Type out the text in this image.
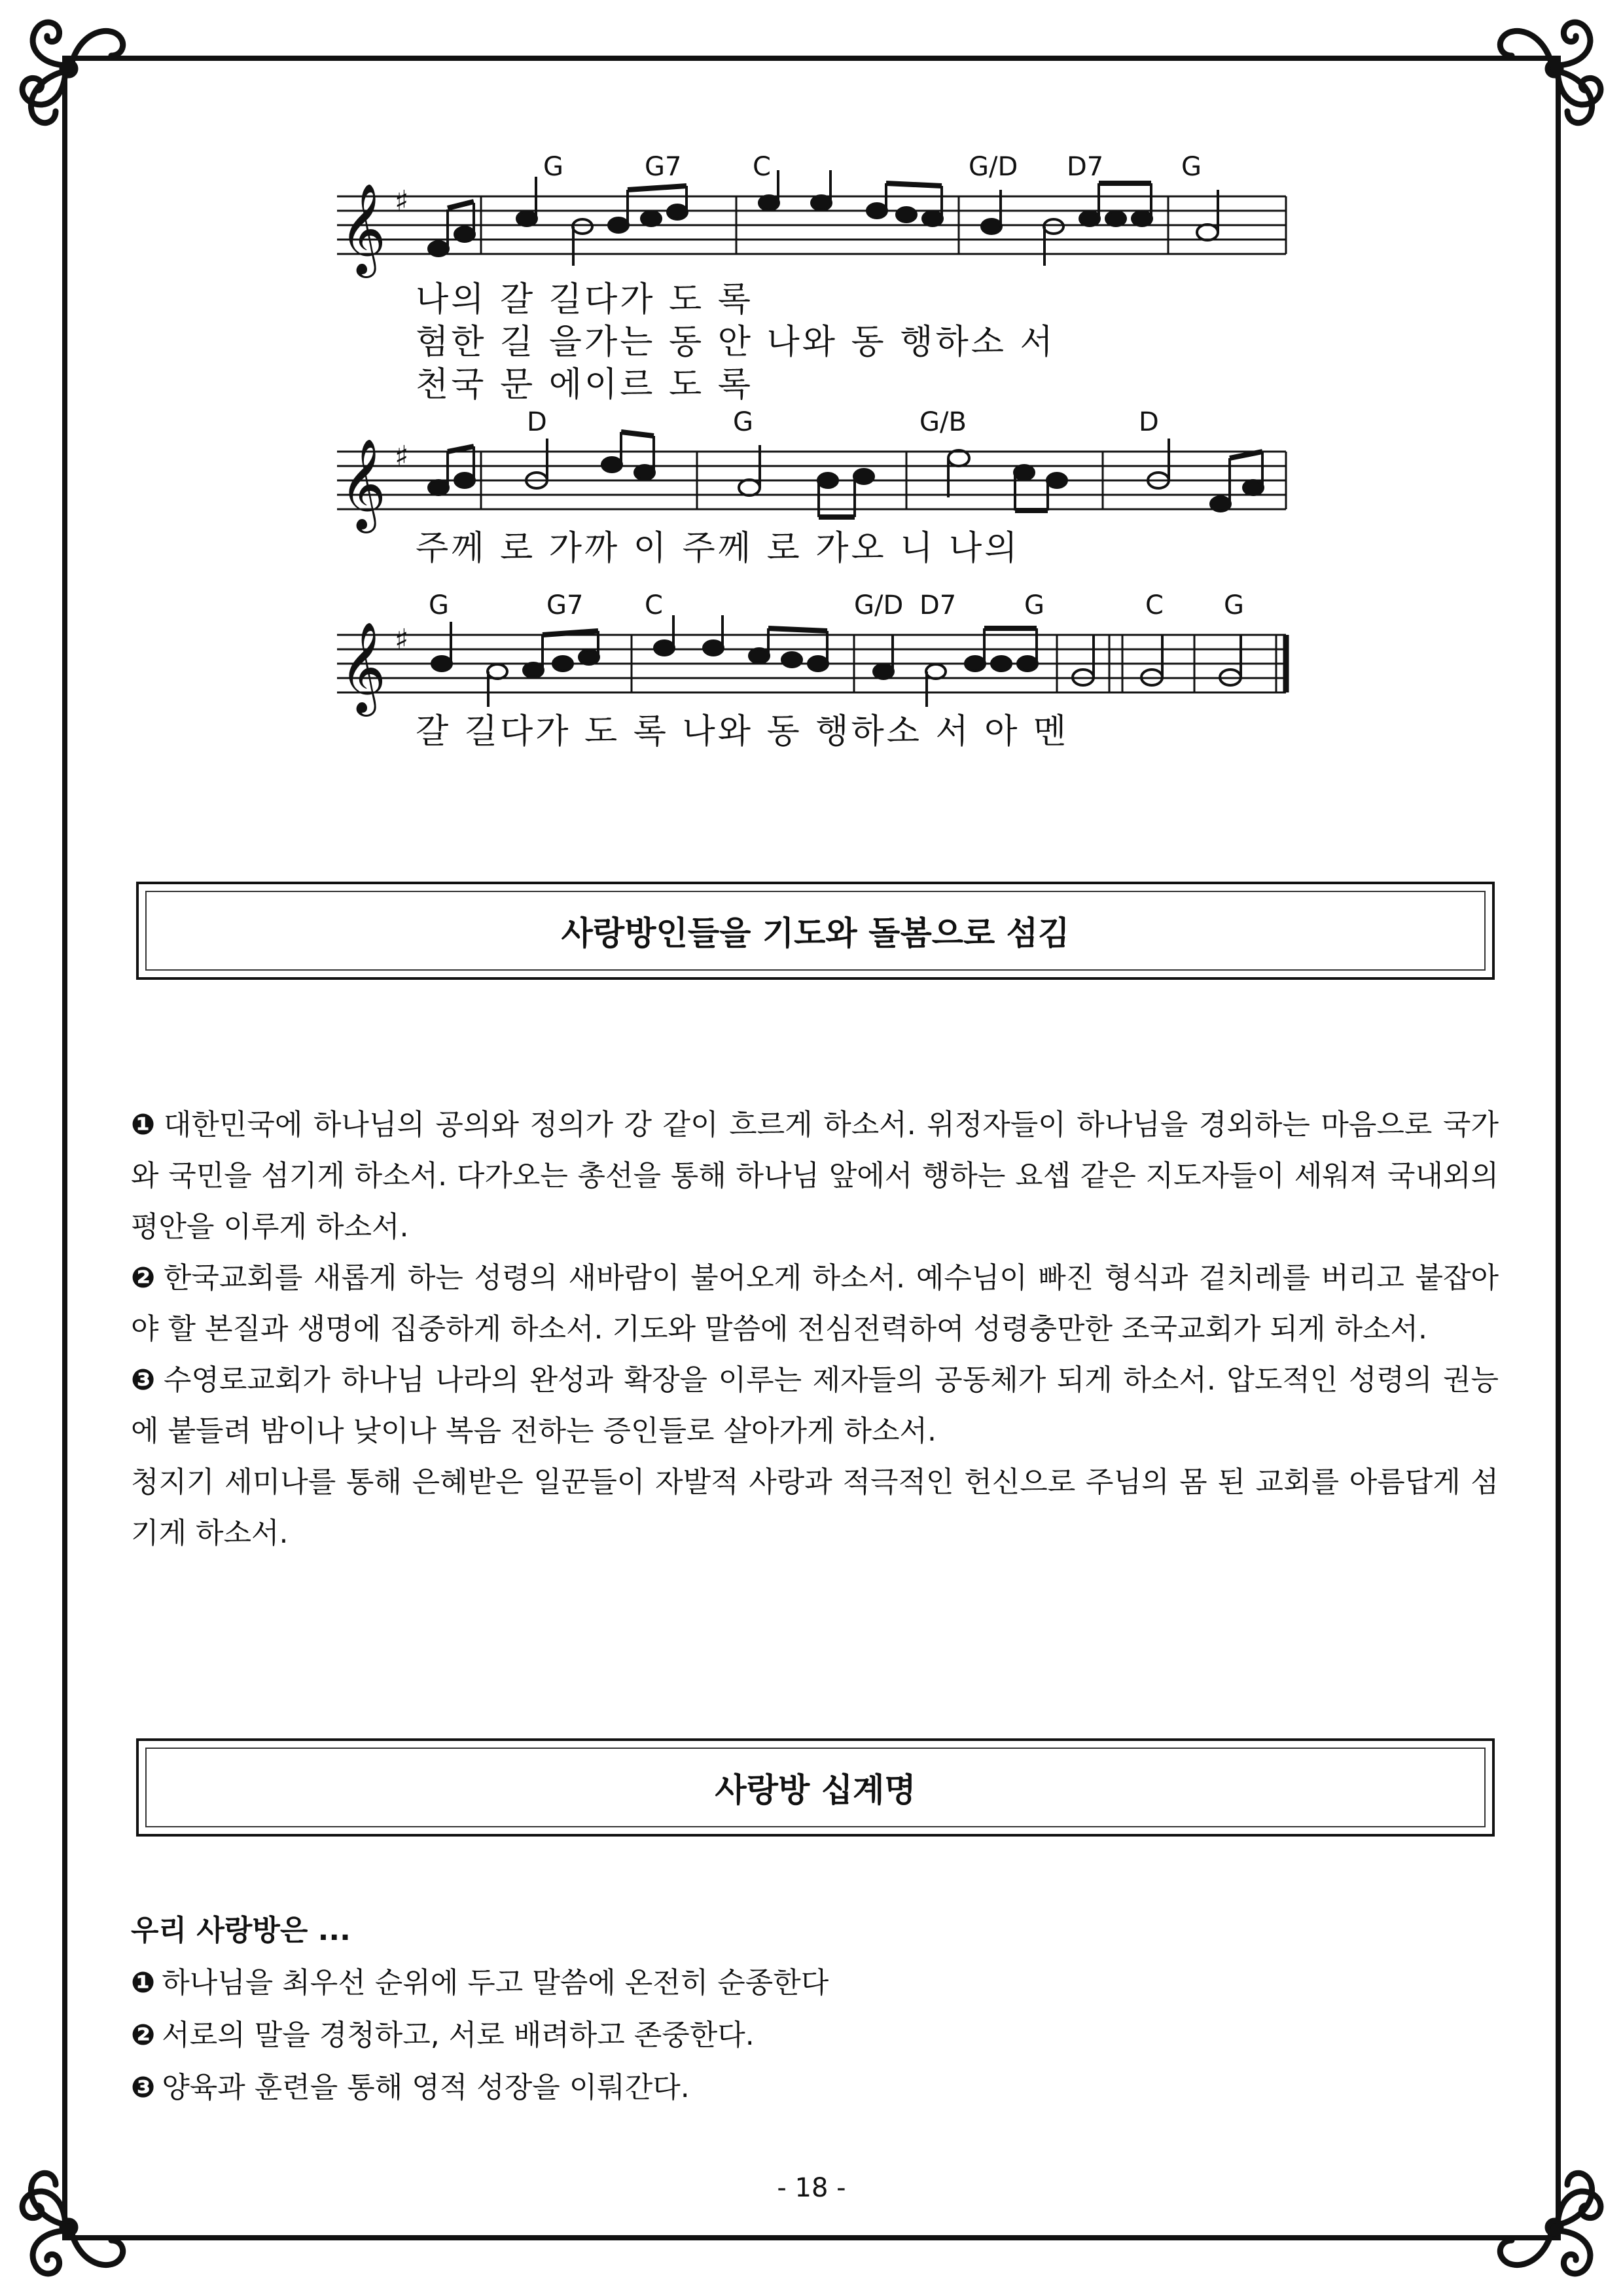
𝄞 ♯
G	G7	C	G/D D7	G
나의 갈 길다가 도 록
험한 길 을가는 동 안 나와 동 행하소 서
천국 문 에이르 도 록
𝄞 ♯
D	G	G/B	D
주께 로 가까 이 주께 로 가오 니 나의
𝄞 ♯
G	G7 C	G/D D7	G	C G
갈 길다가 도 록 나와 동 행하소 서 아 멘
사랑방인들을 기도와 돌봄으로 섬김

❶ 대한민국에 하나님의 공의와 정의가 강 같이 흐르게 하소서. 위정자들이 하나님을 경외하는 마음으로 국가와 국민을 섬기게 하소서. 다가오는 총선을 통해 하나님 앞에서 행하는 요셉 같은 지도자들이 세워져 국내외의 평안을 이루게 하소서.

❷ 한국교회를 새롭게 하는 성령의 새바람이 불어오게 하소서. 예수님이 빠진 형식과 겉치레를 버리고 붙잡아야 할 본질과 생명에 집중하게 하소서. 기도와 말씀에 전심전력하여 성령충만한 조국교회가 되게 하소서.

❸ 수영로교회가 하나님 나라의 완성과 확장을 이루는 제자들의 공동체가 되게 하소서. 압도적인 성령의 권능에 붙들려 밤이나 낮이나 복음 전하는 증인들로 살아가게 하소서.

청지기 세미나를 통해 은혜받은 일꾼들이 자발적 사랑과 적극적인 헌신으로 주님의 몸 된 교회를 아름답게 섬기게 하소서.

사랑방 십계명

우리 사랑방은 ...

❶ 하나님을 최우선 순위에 두고 말씀에 온전히 순종한다

❷ 서로의 말을 경청하고, 서로 배려하고 존중한다.

❸ 양육과 훈련을 통해 영적 성장을 이뤄간다.

- 18 -
